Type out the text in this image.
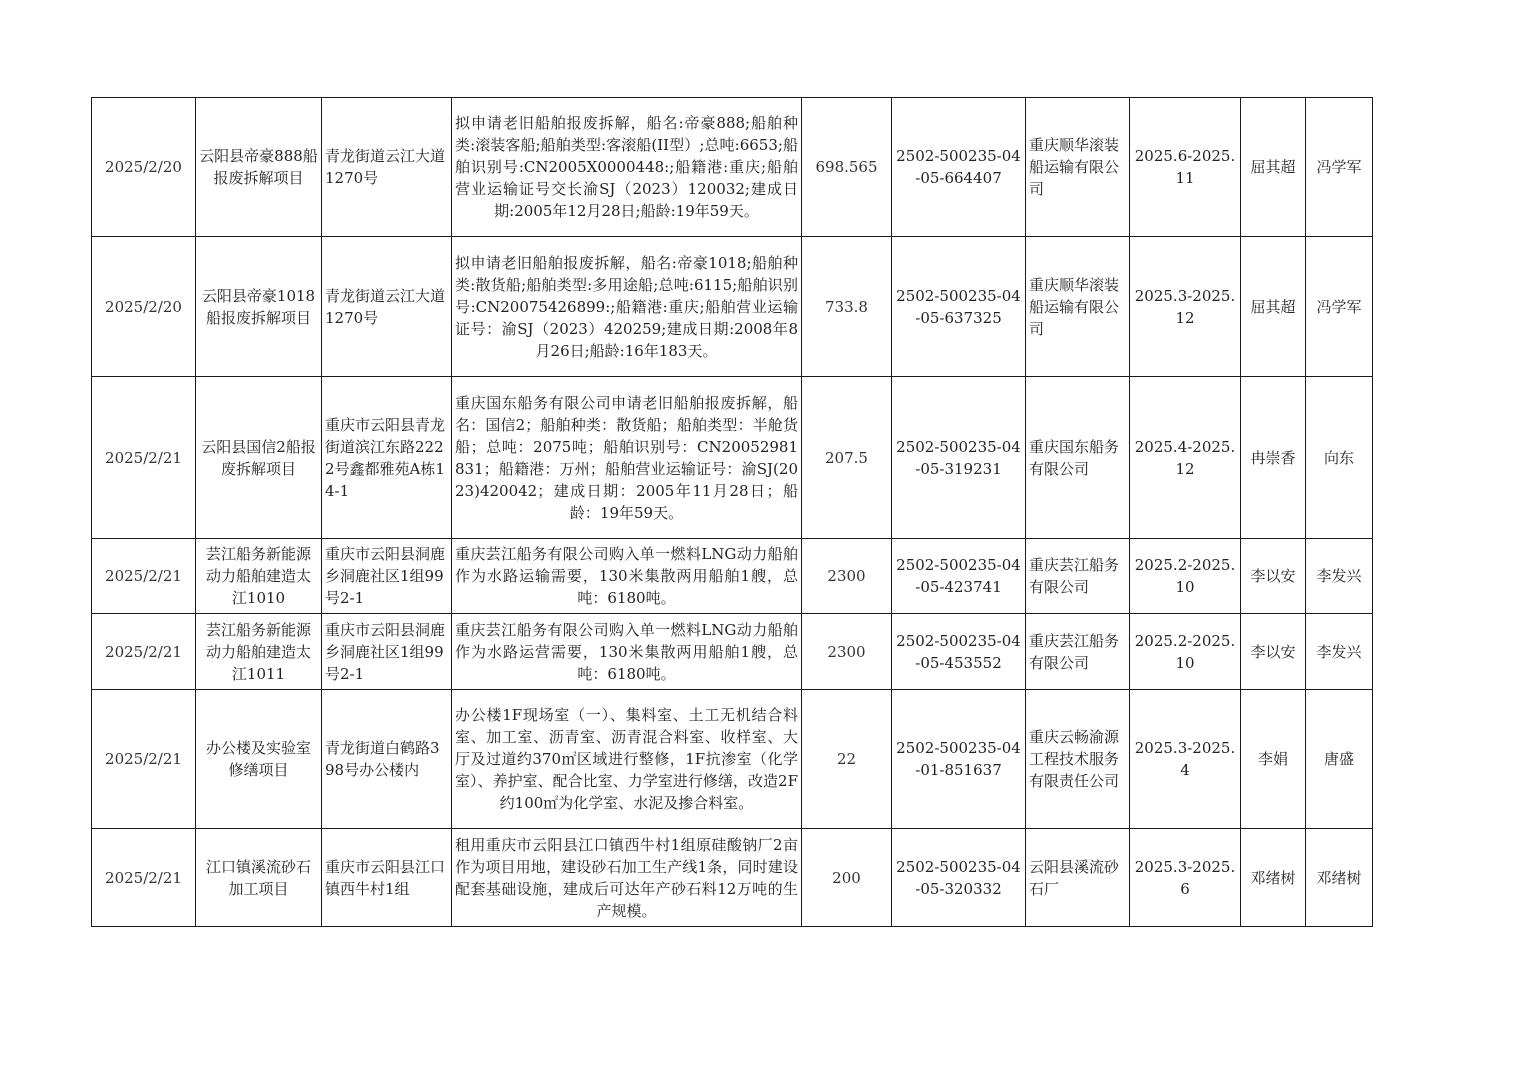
2025/2/20	云阳县帝豪888船报废拆解项目	青龙街道云江大道1270号	拟申请老旧船舶报废拆解，船名:帝豪888;船舶种类:滚装客船;船舶类型:客滚船(II型）;总吨:6653;船舶识别号:CN2005X0000448:;船籍港:重庆;船舶营业运输证号交长渝SJ（2023）120032;建成日期:2005年12月28日;船龄:19年59天。	698.565	2502-500235-04-05-664407	重庆顺华滚装船运输有限公司	2025.6-2025.11	屈其超	冯学军
2025/2/20	云阳县帝豪1018船报废拆解项目	青龙街道云江大道1270号	拟申请老旧船舶报废拆解，船名:帝豪1018;船舶种类:散货船;船舶类型:多用途船;总吨:6115;船舶识别号:CN20075426899:;船籍港:重庆;船舶营业运输证号：渝SJ（2023）420259;建成日期:2008年8月26日;船龄:16年183天。	733.8	2502-500235-04-05-637325	重庆顺华滚装船运输有限公司	2025.3-2025.12	屈其超	冯学军
2025/2/21	云阳县国信2船报废拆解项目	重庆市云阳县青龙街道滨江东路2222号鑫都雅苑A栋14-1	重庆国东船务有限公司申请老旧船舶报废拆解，船名：国信2；船舶种类：散货船；船舶类型：半舱货船；总吨：2075吨；船舶识别号：CN20052981831；船籍港：万州；船舶营业运输证号：渝SJ(2023)420042；建成日期：2005年11月28日；船龄：19年59天。	207.5	2502-500235-04-05-319231	重庆国东船务有限公司	2025.4-2025.12	冉崇香	向东
2025/2/21	芸江船务新能源动力船舶建造太江1010	重庆市云阳县洞鹿乡洞鹿社区1组99号2-1	重庆芸江船务有限公司购入单一燃料LNG动力船舶作为水路运输需要，130米集散两用船舶1艘，总吨：6180吨。	2300	2502-500235-04-05-423741	重庆芸江船务有限公司	2025.2-2025.10	李以安	李发兴
2025/2/21	芸江船务新能源动力船舶建造太江1011	重庆市云阳县洞鹿乡洞鹿社区1组99号2-1	重庆芸江船务有限公司购入单一燃料LNG动力船舶作为水路运营需要，130米集散两用船舶1艘，总吨：6180吨。	2300	2502-500235-04-05-453552	重庆芸江船务有限公司	2025.2-2025.10	李以安	李发兴
2025/2/21	办公楼及实验室修缮项目	青龙街道白鹤路398号办公楼内	办公楼1F现场室（一）、集料室、土工无机结合料室、加工室、沥青室、沥青混合料室、收样室、大厅及过道约370㎡区域进行整修，1F抗渗室（化学室）、养护室、配合比室、力学室进行修缮，改造2F约100㎡为化学室、水泥及掺合料室。	22	2502-500235-04-01-851637	重庆云畅渝源工程技术服务有限责任公司	2025.3-2025.4	李娟	唐盛
2025/2/21	江口镇溪流砂石加工项目	重庆市云阳县江口镇西牛村1组	租用重庆市云阳县江口镇西牛村1组原硅酸钠厂2亩作为项目用地，建设砂石加工生产线1条，同时建设配套基础设施，建成后可达年产砂石料12万吨的生产规模。	200	2502-500235-04-05-320332	云阳县溪流砂石厂	2025.3-2025.6	邓绪树	邓绪树
